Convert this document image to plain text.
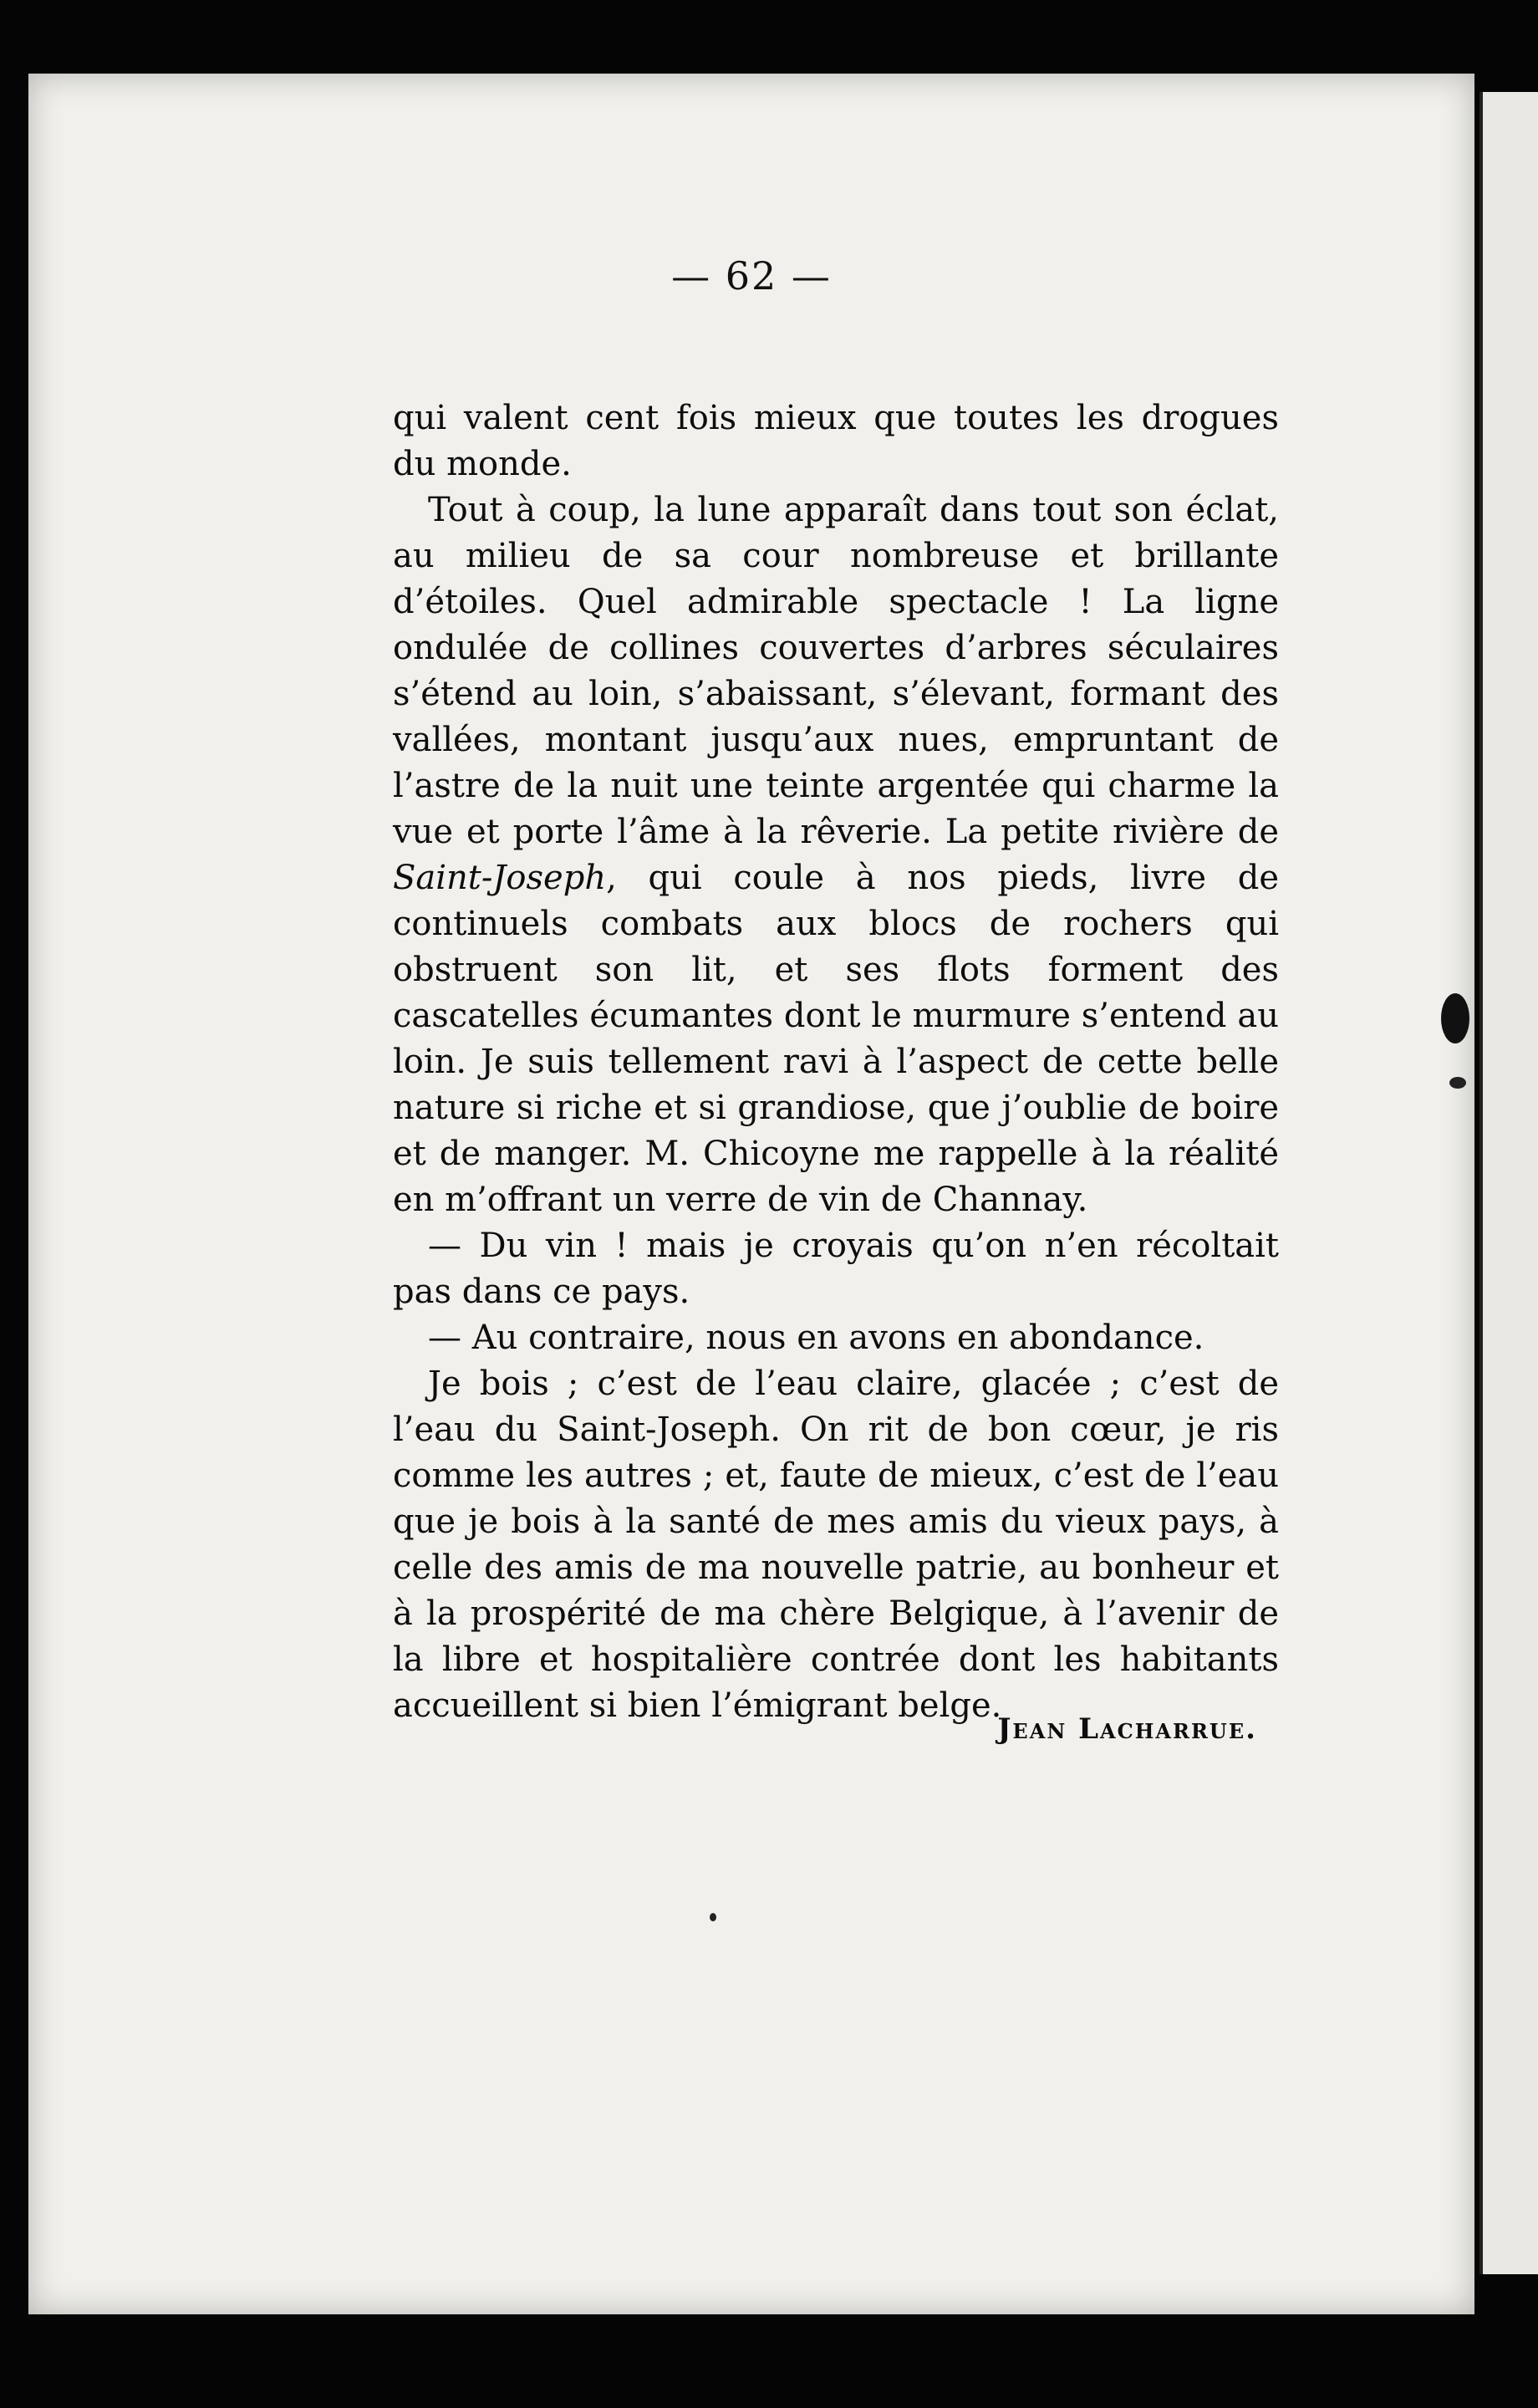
— 62 —

qui valent cent fois mieux que toutes les drogues du monde.

Tout à coup, la lune apparaît dans tout son éclat, au milieu de sa cour nombreuse et brillante d’étoiles. Quel admirable spectacle ! La ligne ondulée de collines couvertes d’arbres séculaires s’étend au loin, s’abaissant, s’élevant, formant des vallées, montant jusqu’aux nues, empruntant de l’astre de la nuit une teinte argentée qui charme la vue et porte l’âme à la rêverie. La petite rivière de Saint-Joseph, qui coule à nos pieds, livre de continuels combats aux blocs de rochers qui obstruent son lit, et ses flots forment des cascatelles écumantes dont le murmure s’entend au loin. Je suis tellement ravi à l’aspect de cette belle nature si riche et si grandiose, que j’oublie de boire et de manger. M. Chicoyne me rappelle à la réalité en m’offrant un verre de vin de Channay.

— Du vin ! mais je croyais qu’on n’en récoltait pas dans ce pays.

— Au contraire, nous en avons en abondance.

Je bois ; c’est de l’eau claire, glacée ; c’est de l’eau du Saint-Joseph. On rit de bon cœur, je ris comme les autres ; et, faute de mieux, c’est de l’eau que je bois à la santé de mes amis du vieux pays, à celle des amis de ma nouvelle patrie, au bonheur et à la prospérité de ma chère Belgique, à l’avenir de la libre et hospitalière contrée dont les habitants accueillent si bien l’émigrant belge.

Jean Lacharrue.
